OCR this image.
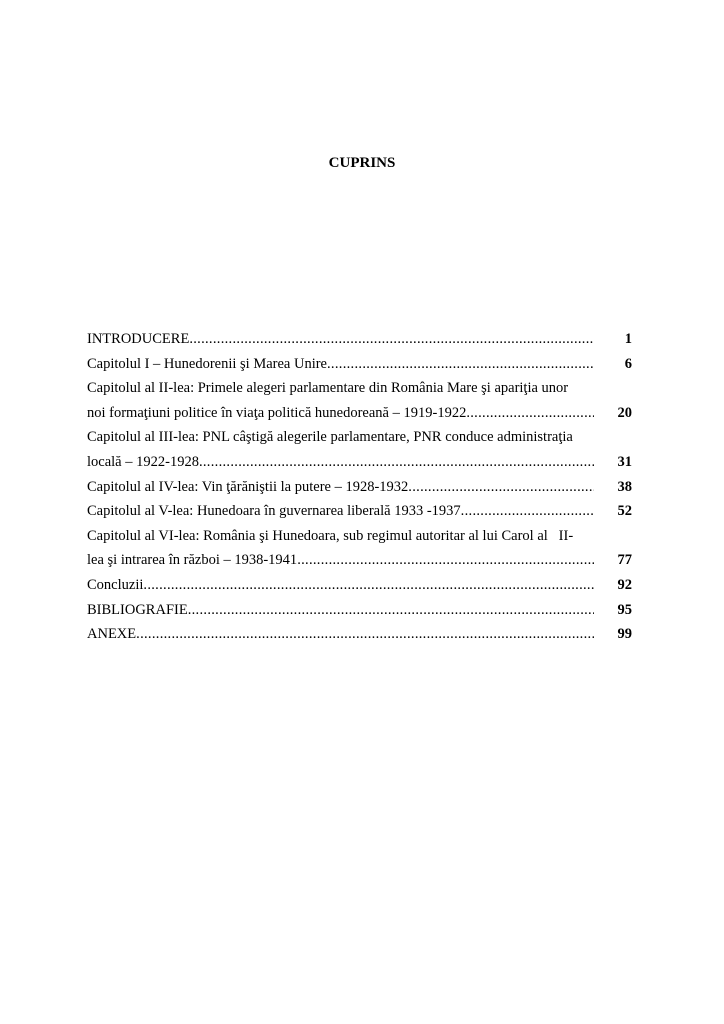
CUPRINS
INTRODUCERE .....	1
Capitolul I – Hunedorenii şi Marea Unire .....	6
Capitolul al II-lea: Primele alegeri parlamentare din România Mare şi apariţia unor
noi formaţiuni politice în viaţa politică hunedoreană – 1919-1922 .....	20
Capitolul al III-lea: PNL câştigă alegerile parlamentare, PNR conduce administraţia
locală – 1922-1928 .....	31
Capitolul al IV-lea: Vin ţărăniştii la putere – 1928-1932 .....	38
Capitolul al V-lea: Hunedoara în guvernarea liberală 1933 -1937 .....	52
Capitolul al VI-lea: România şi Hunedoara, sub regimul autoritar al lui Carol al   II-
lea şi intrarea în război – 1938-1941 .....	77
Concluzii .....	92
BIBLIOGRAFIE .....	95
ANEXE .....	99
